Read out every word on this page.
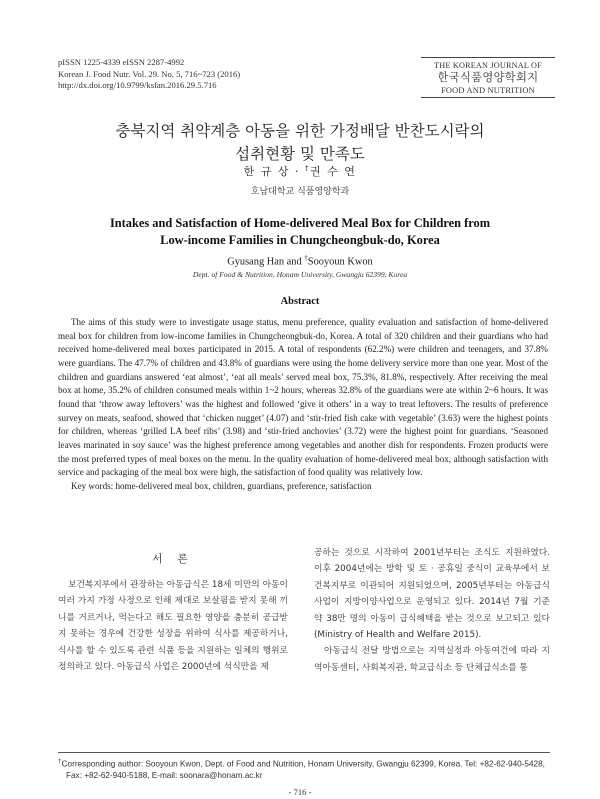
pISSN 1225-4339 eISSN 2287-4992
Korean J. Food Nutr. Vol. 29. No. 5, 716~723 (2016)
http://dx.doi.org/10.9799/ksfan.2016.29.5.716
THE KOREAN JOURNAL OF
한국식품영양학회지
FOOD AND NUTRITION
충북지역 취약계층 아동을 위한 가정배달 반찬도시락의
섭취현황 및 만족도
한 규 상 · †권 수 연
호남대학교 식품영양학과
Intakes and Satisfaction of Home-delivered Meal Box for Children from
Low-income Families in Chungcheongbuk-do, Korea
Gyusang Han and †Sooyoun Kwon
Dept. of Food & Nutrition, Honam University, Gwangju 62399, Korea
Abstract

The aims of this study were to investigate usage status, menu preference, quality evaluation and satisfaction of home-delivered meal box for children from low-income families in Chungcheongbuk-do, Korea. A total of 320 children and their guardians who had received home-delivered meal boxes participated in 2015. A total of respondents (62.2%) were children and teenagers, and 37.8% were guardians. The 47.7% of children and 43.8% of guardians were using the home delivery service more than one year. Most of the children and guardians answered ‘eat almost’, ‘eat all meals’ served meal box, 75.3%, 81.8%, respectively. After receiving the meal box at home, 35.2% of children consumed meals within 1~2 hours, whereas 32.8% of the guardians were ate within 2~6 hours. It was found that ‘throw away leftovers’ was the highest and followed ‘give it others’ in a way to treat leftovers. The results of preference survey on meats, seafood, showed that ‘chicken nugget’ (4.07) and ‘stir-fried fish cake with vegetable’ (3.63) were the highest points for children, whereas ‘grilled LA beef ribs’ (3.98) and ‘stir-fried anchovies’ (3.72) were the highest point for guardians. ‘Seasoned leaves marinated in soy sauce’ was the highest preference among vegetables and another dish for respondents. Frozen products were the most preferred types of meal boxes on the menu. In the quality evaluation of home-delivered meal box, although satisfaction with service and packaging of the meal box were high, the satisfaction of food quality was relatively low.

Key words: home-delivered meal box, children, guardians, preference, satisfaction

서 론

보건복지부에서 관장하는 아동급식은 18세 미만의 아동이 여러 가지 가정 사정으로 인해 제대로 보살핌을 받지 못해 끼니를 거르거나, 먹는다고 해도 필요한 영양을 충분히 공급받지 못하는 경우에 건강한 성장을 위하여 식사를 제공하거나, 식사를 할 수 있도록 관련 식품 등을 지원하는 일체의 행위로 정의하고 있다. 아동급식 사업은 2000년에 석식만을 제

공하는 것으로 시작하여 2001년부터는 조식도 지원하였다. 이후 2004년에는 방학 및 토 · 공휴일 중식이 교육부에서 보건복지부로 이관되어 지원되었으며, 2005년부터는 아동급식 사업이 지방이양사업으로 운영되고 있다. 2014년 7월 기준 약 38만 명의 아동이 급식혜택을 받는 것으로 보고되고 있다 (Ministry of Health and Welfare 2015).

아동급식 전달 방법으로는 지역실정과 아동여건에 따라 지역아동센터, 사회복지관, 학교급식소 등 단체급식소를 통

†Corresponding author: Sooyoun Kwon, Dept. of Food and Nutrition, Honam University, Gwangju 62399, Korea. Tel: +82-62-940-5428, Fax: +82-62-940-5188, E-mail: soonara@honam.ac.kr

- 716 -
